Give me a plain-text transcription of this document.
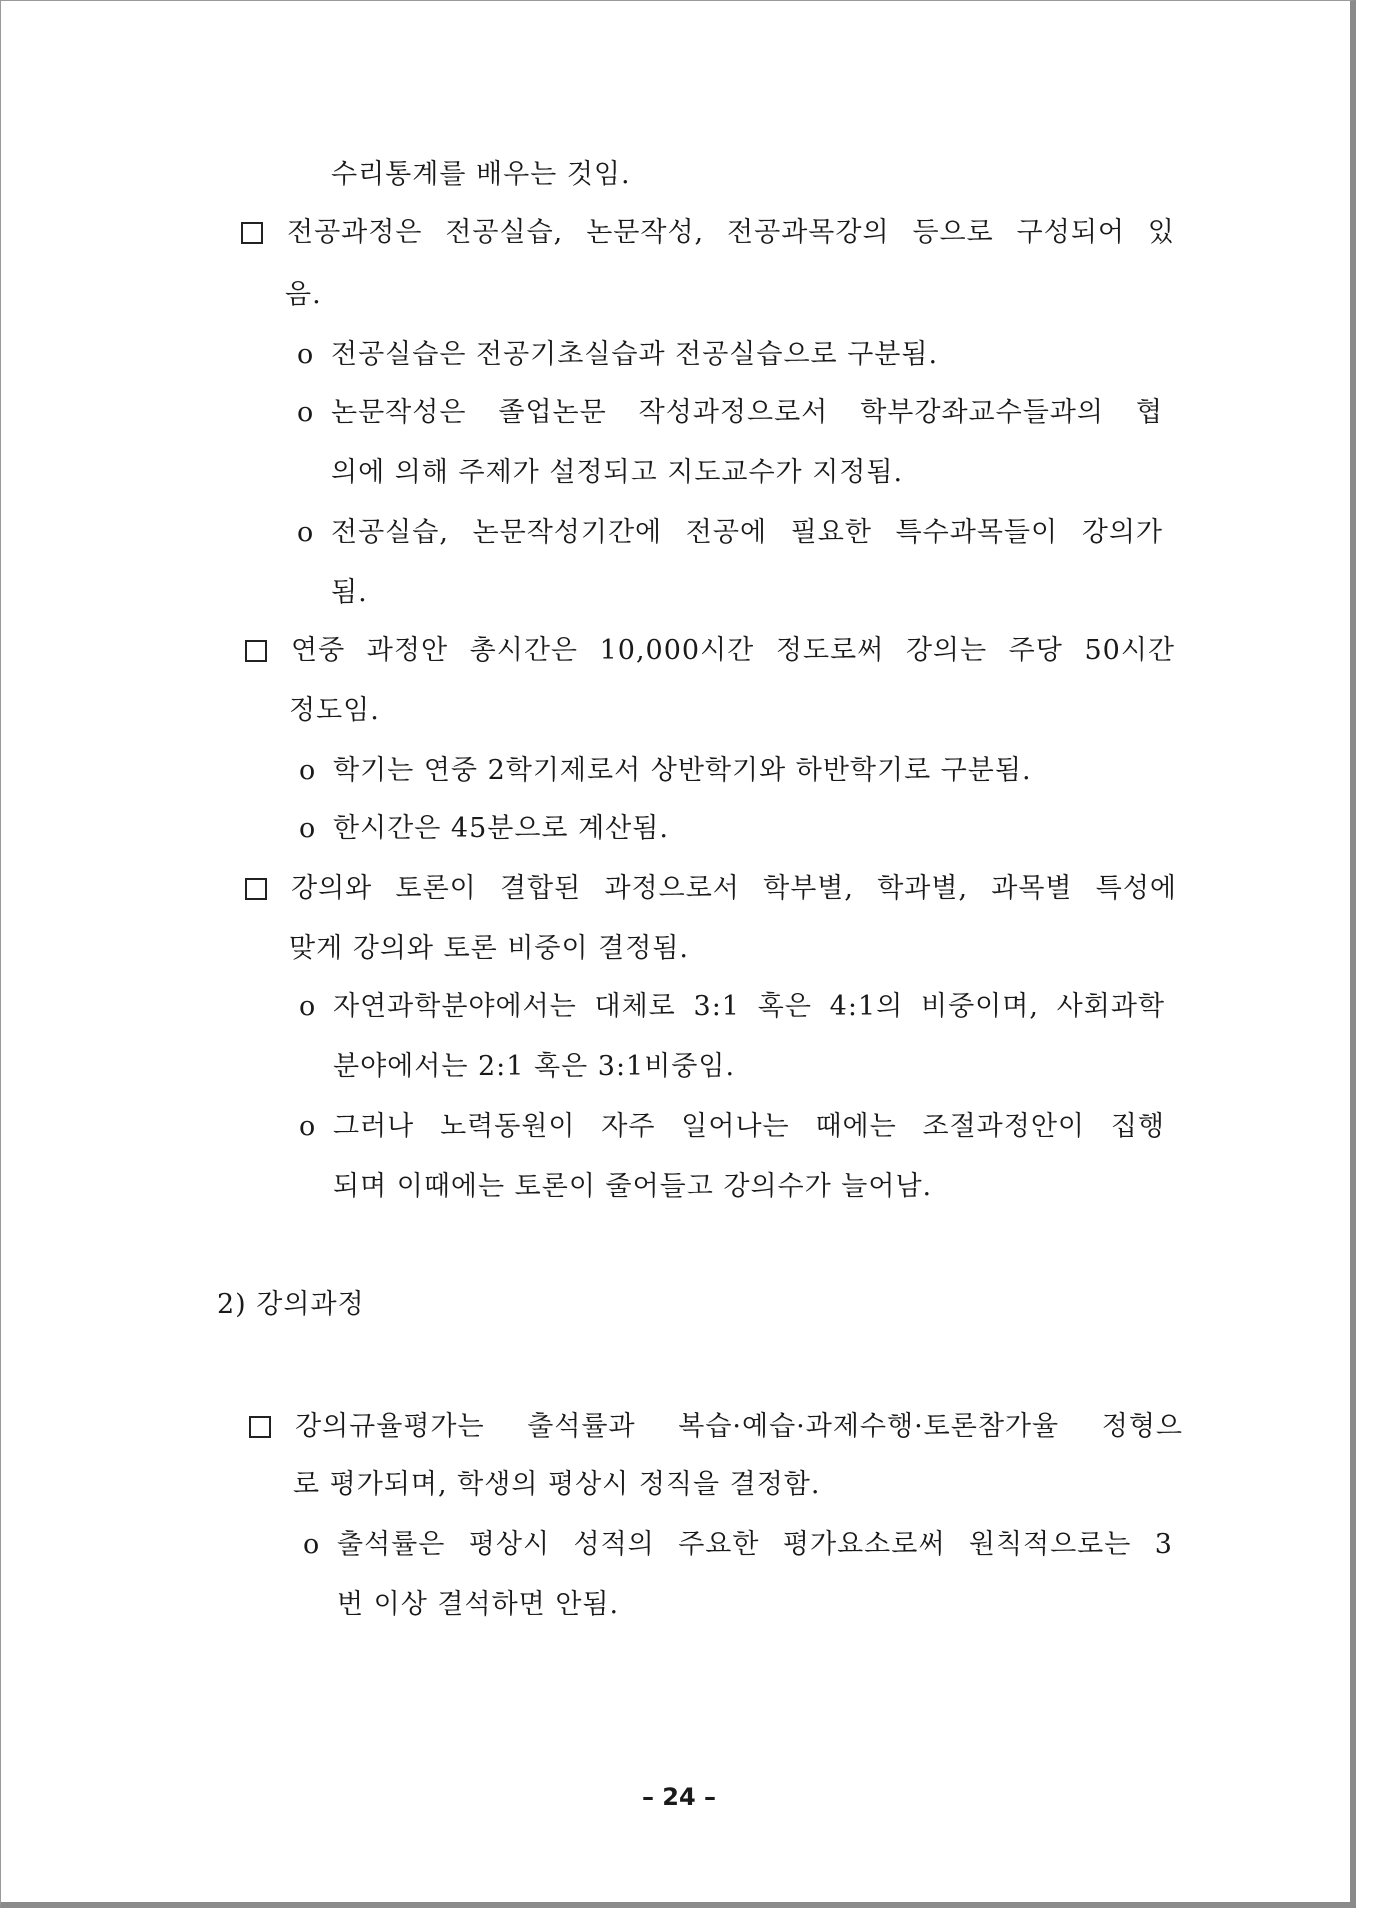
수리통계를 배우는 것임.
전공과정은 전공실습, 논문작성, 전공과목강의 등으로 구성되어 있
음.
o 전공실습은 전공기초실습과 전공실습으로 구분됨.
o 논문작성은 졸업논문 작성과정으로서 학부강좌교수들과의 협
의에 의해 주제가 설정되고 지도교수가 지정됨.
o 전공실습, 논문작성기간에 전공에 필요한 특수과목들이 강의가
됨.
연중 과정안 총시간은 10,000시간 정도로써 강의는 주당 50시간
정도임.
o 학기는 연중 2학기제로서 상반학기와 하반학기로 구분됨.
o 한시간은 45분으로 계산됨.
강의와 토론이 결합된 과정으로서 학부별, 학과별, 과목별 특성에
맞게 강의와 토론 비중이 결정됨.
o 자연과학분야에서는 대체로 3:1 혹은 4:1의 비중이며, 사회과학
분야에서는 2:1 혹은 3:1비중임.
o 그러나 노력동원이 자주 일어나는 때에는 조절과정안이 집행
되며 이때에는 토론이 줄어들고 강의수가 늘어남.
2) 강의과정
강의규율평가는 출석률과 복습·예습·과제수행·토론참가율 정형으
로 평가되며, 학생의 평상시 정직을 결정함.
o 출석률은 평상시 성적의 주요한 평가요소로써 원칙적으로는 3
번 이상 결석하면 안됨.
– 24 –
